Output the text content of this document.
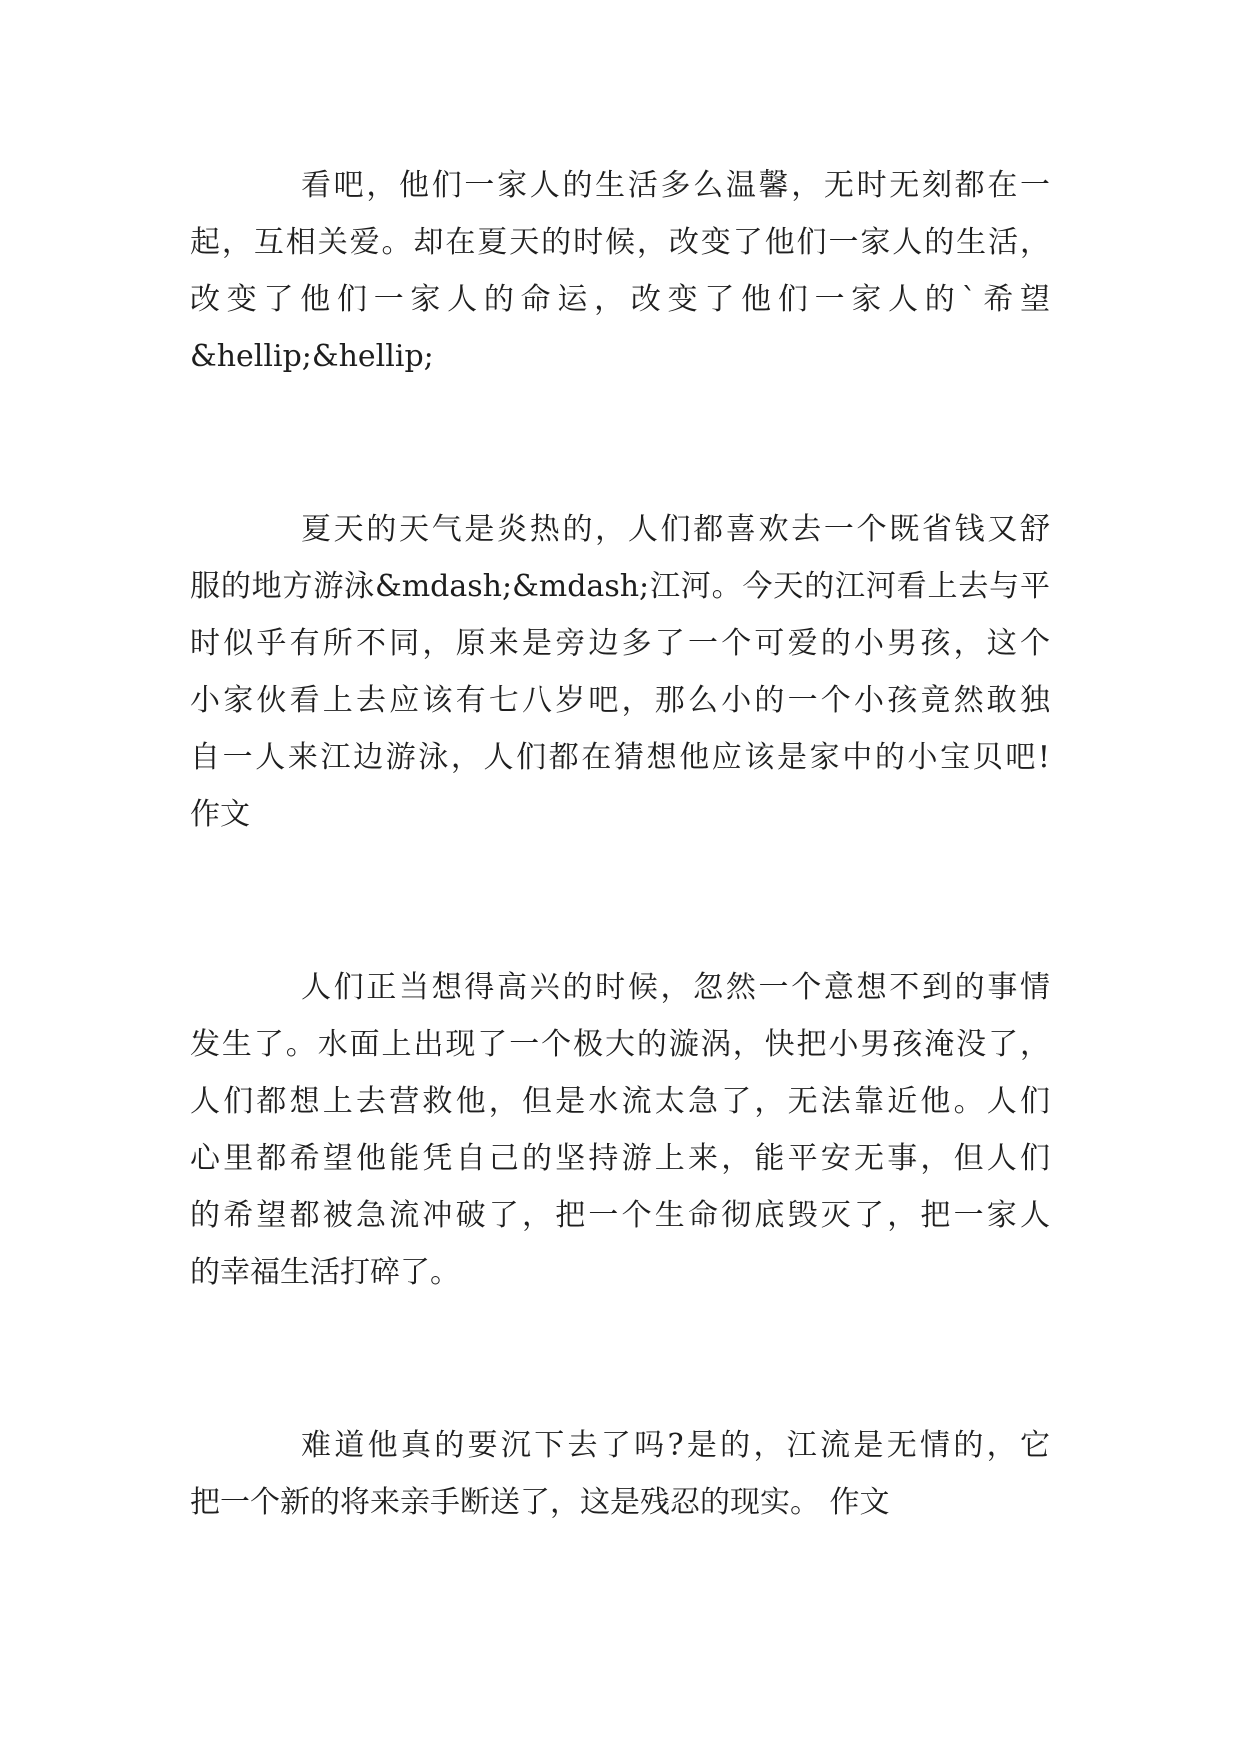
看吧，他们一家人的生活多么温馨，无时无刻都在一
起，互相关爱。却在夏天的时候，改变了他们一家人的生活，
改变了他们一家人的命运，改变了他们一家人的`希望
&hellip;&hellip;
夏天的天气是炎热的，人们都喜欢去一个既省钱又舒
服的地方游泳&mdash;&mdash;江河。今天的江河看上去与平
时似乎有所不同，原来是旁边多了一个可爱的小男孩，这个
小家伙看上去应该有七八岁吧，那么小的一个小孩竟然敢独
自一人来江边游泳，人们都在猜想他应该是家中的小宝贝吧!
作文
人们正当想得高兴的时候，忽然一个意想不到的事情
发生了。水面上出现了一个极大的漩涡，快把小男孩淹没了，
人们都想上去营救他，但是水流太急了，无法靠近他。人们
心里都希望他能凭自己的坚持游上来，能平安无事，但人们
的希望都被急流冲破了，把一个生命彻底毁灭了，把一家人
的幸福生活打碎了。
难道他真的要沉下去了吗?是的，江流是无情的，它
把一个新的将来亲手断送了，这是残忍的现实。 作文
